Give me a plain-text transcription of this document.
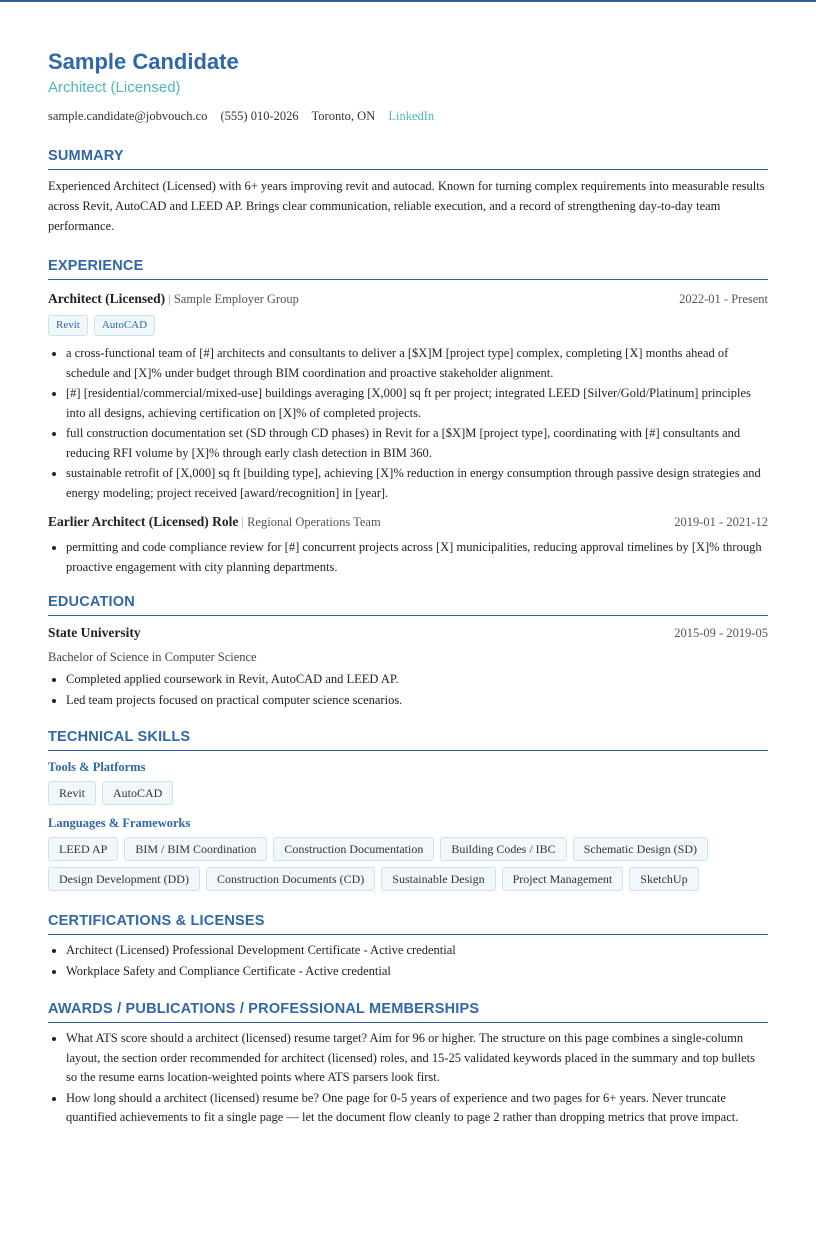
Sample Candidate
Architect (Licensed)
sample.candidate@jobvouch.co (555) 010-2026 Toronto, ON LinkedIn
SUMMARY

Experienced Architect (Licensed) with 6+ years improving revit and autocad. Known for turning complex requirements into measurable results across Revit, AutoCAD and LEED AP. Brings clear communication, reliable execution, and a record of strengthening day-to-day team performance.

EXPERIENCE
Architect (Licensed) | Sample Employer Group	2022-01 - Present
Revit	AutoCAD
• a cross-functional team of [#] architects and consultants to deliver a [$X]M [project type] complex, completing [X] months ahead of schedule and [X]% under budget through BIM coordination and proactive stakeholder alignment.
• [#] [residential/commercial/mixed-use] buildings averaging [X,000] sq ft per project; integrated LEED [Silver/Gold/Platinum] principles into all designs, achieving certification on [X]% of completed projects.
• full construction documentation set (SD through CD phases) in Revit for a [$X]M [project type], coordinating with [#] consultants and reducing RFI volume by [X]% through early clash detection in BIM 360.
• sustainable retrofit of [X,000] sq ft [building type], achieving [X]% reduction in energy consumption through passive design strategies and energy modeling; project received [award/recognition] in [year].
Earlier Architect (Licensed) Role | Regional Operations Team	2019-01 - 2021-12
• permitting and code compliance review for [#] concurrent projects across [X] municipalities, reducing approval timelines by [X]% through proactive engagement with city planning departments.
EDUCATION
State University	2015-09 - 2019-05
Bachelor of Science in Computer Science
• Completed applied coursework in Revit, AutoCAD and LEED AP.
• Led team projects focused on practical computer science scenarios.
TECHNICAL SKILLS
Tools & Platforms
Revit	AutoCAD
Languages & Frameworks
LEED AP	BIM / BIM Coordination	Construction Documentation	Building Codes / IBC	Schematic Design (SD)
Design Development (DD)	Construction Documents (CD)	Sustainable Design	Project Management	SketchUp
CERTIFICATIONS & LICENSES
• Architect (Licensed) Professional Development Certificate - Active credential
• Workplace Safety and Compliance Certificate - Active credential
AWARDS / PUBLICATIONS / PROFESSIONAL MEMBERSHIPS
• What ATS score should a architect (licensed) resume target? Aim for 96 or higher. The structure on this page combines a single-column layout, the section order recommended for architect (licensed) roles, and 15-25 validated keywords placed in the summary and top bullets so the resume earns location-weighted points where ATS parsers look first.
• How long should a architect (licensed) resume be? One page for 0-5 years of experience and two pages for 6+ years. Never truncate quantified achievements to fit a single page — let the document flow cleanly to page 2 rather than dropping metrics that prove impact.
